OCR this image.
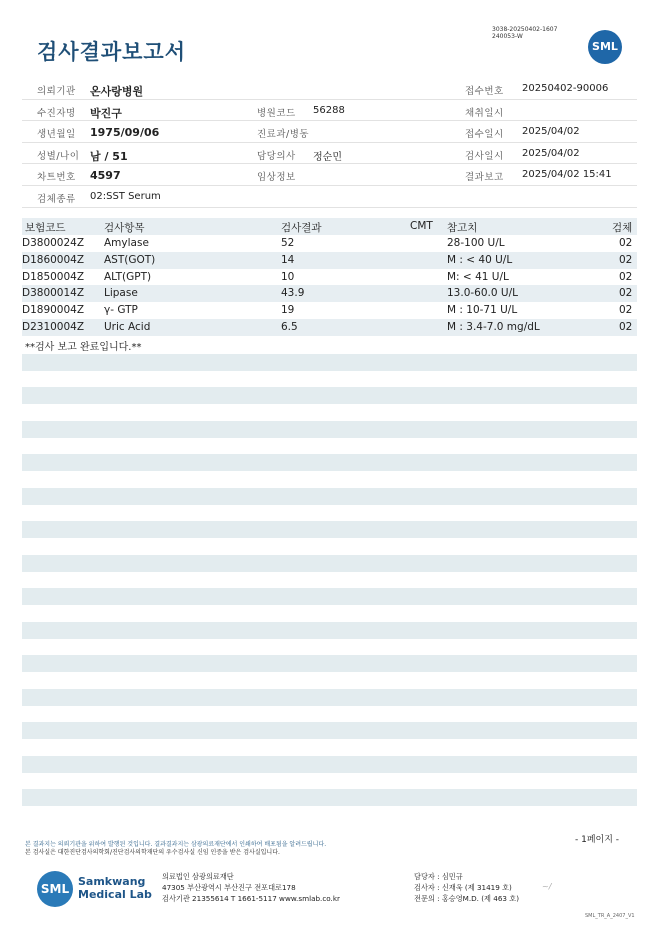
검사결과보고서
3038-20250402-1607
240053-W
SML
의뢰기관 온사랑병원	접수번호 20250402-90006
수진자명 박진구	병원코드 56288	채취일시
생년월일 1975/09/06	진료과/병동	접수일시 2025/04/02
성별/나이 남 / 51	담당의사 정순민	검사일시 2025/04/02
차트번호 4597	임상정보	결과보고 2025/04/02 15:41
검체종류 02:SST Serum
보험코드	검사항목	검사결과	CMT 참고치	검체
D3800024Z Amylase	52	28-100 U/L	02
D1860004Z AST(GOT)	14	M : < 40 U/L	02
D1850004Z ALT(GPT)	10	M: < 41 U/L	02
D3800014Z Lipase	43.9	13.0-60.0 U/L	02
D1890004Z γ- GTP	19	M : 10-71 U/L	02
D2310004Z Uric Acid	6.5	M : 3.4-7.0 mg/dL	02
**검사 보고 완료입니다.**
- 1페이지 -
본 결과지는 의뢰기관을 위하여 발행된 것입니다. 결과결과지는 삼광의료재단에서 인쇄하여 배포됨을 알려드립니다.
본 검사실은 대한진단검사의학회/진단검사의학재단의 우수검사실 신임 인증을 받은 검사실입니다.
SML
Samkwang
Medical Lab
의료법인 삼광의료재단
47305 부산광역시 부산진구 전포대로178
검사기관 21355614 T 1661-5117 www.smlab.co.kr
담당자 : 심민규
검사자 : 신재욱 (제 31419 호)
전문의 : 홍승영M.D. (제 463 호)
~/
SML_TR_A_2407_V1
